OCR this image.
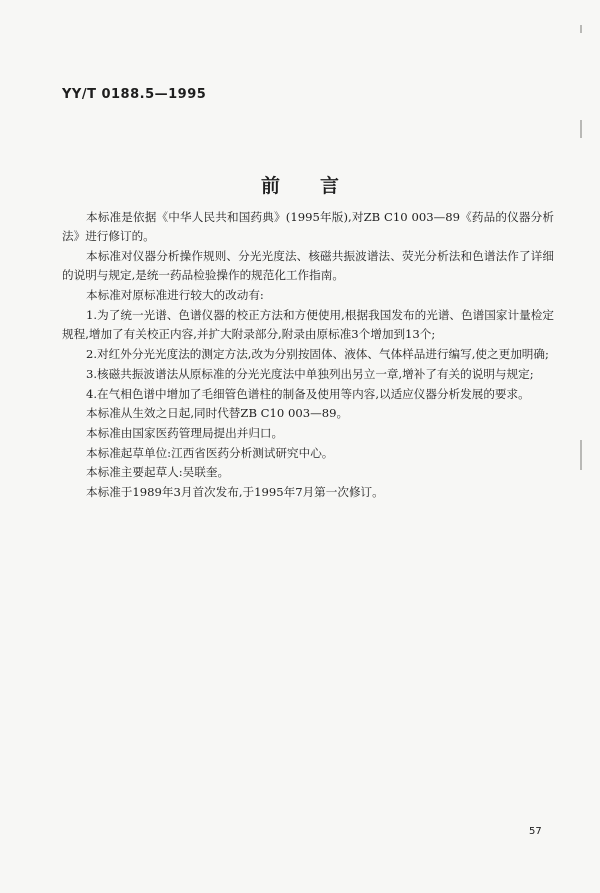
YY/T 0188.5—1995
前言

本标准是依据《中华人民共和国药典》(1995年版),对ZB C10 003—89《药品的仪器分析法》进行修订的。

本标准对仪器分析操作规则、分光光度法、核磁共振波谱法、荧光分析法和色谱法作了详细的说明与规定,是统一药品检验操作的规范化工作指南。

本标准对原标准进行较大的改动有:

1.为了统一光谱、色谱仪器的校正方法和方便使用,根据我国发布的光谱、色谱国家计量检定规程,增加了有关校正内容,并扩大附录部分,附录由原标准3个增加到13个;

2.对红外分光光度法的测定方法,改为分别按固体、液体、气体样品进行编写,使之更加明确;

3.核磁共振波谱法从原标准的分光光度法中单独列出另立一章,增补了有关的说明与规定;

4.在气相色谱中增加了毛细管色谱柱的制备及使用等内容,以适应仪器分析发展的要求。

本标准从生效之日起,同时代替ZB C10 003—89。

本标准由国家医药管理局提出并归口。

本标准起草单位:江西省医药分析测试研究中心。

本标准主要起草人:吴联奎。

本标准于1989年3月首次发布,于1995年7月第一次修订。

57
